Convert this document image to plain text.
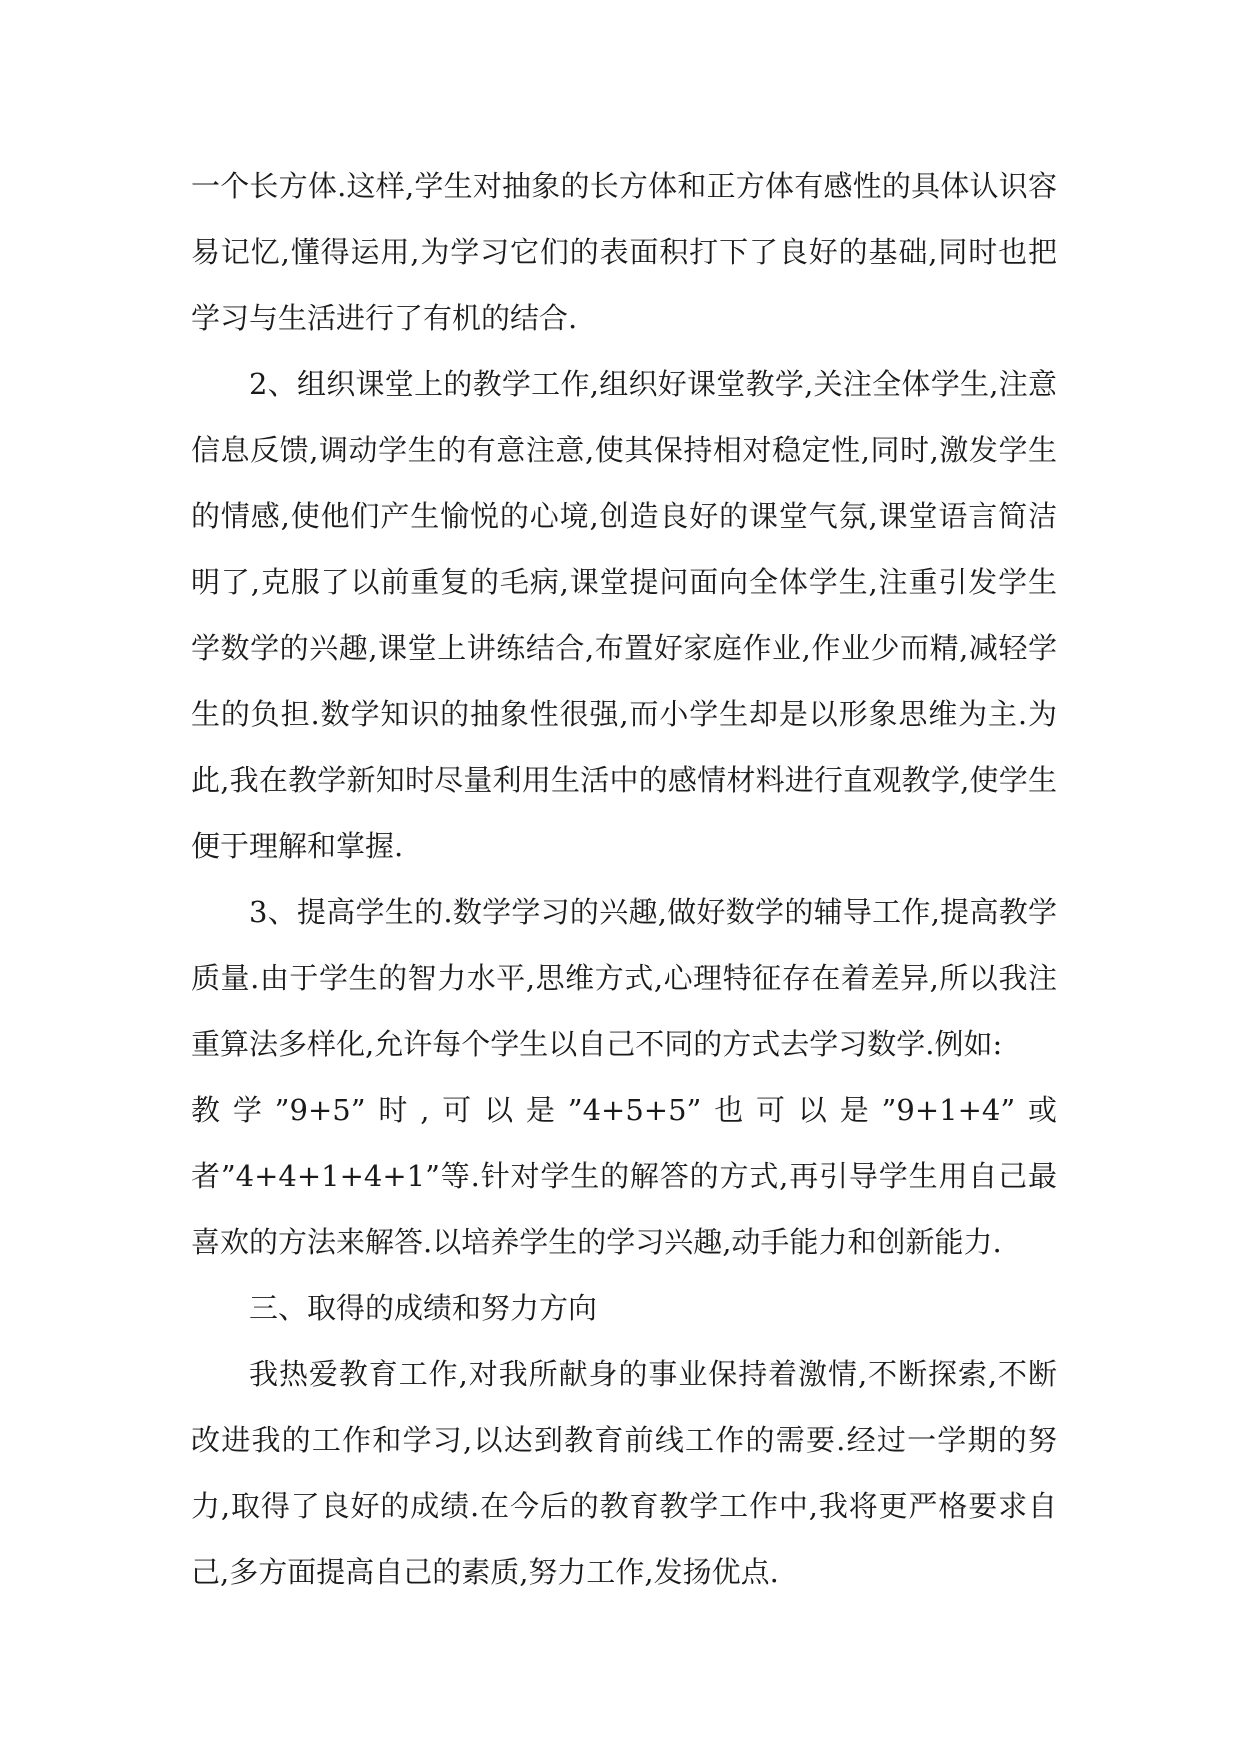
一个长方体.这样,学生对抽象的长方体和正方体有感性的具体认识容易记忆,懂得运用,为学习它们的表面积打下了良好的基础,同时也把学习与生活进行了有机的结合.

2、组织课堂上的教学工作,组织好课堂教学,关注全体学生,注意信息反馈,调动学生的有意注意,使其保持相对稳定性,同时,激发学生的情感,使他们产生愉悦的心境,创造良好的课堂气氛,课堂语言简洁明了,克服了以前重复的毛病,课堂提问面向全体学生,注重引发学生学数学的兴趣,课堂上讲练结合,布置好家庭作业,作业少而精,减轻学生的负担.数学知识的抽象性很强,而小学生却是以形象思维为主.为此,我在教学新知时尽量利用生活中的感情材料进行直观教学,使学生便于理解和掌握.

3、提高学生的.数学学习的兴趣,做好数学的辅导工作,提高教学质量.由于学生的智力水平,思维方式,心理特征存在着差异,所以我注重算法多样化,允许每个学生以自己不同的方式去学习数学.例如:

教学”9+5”时,可以是”4+5+5”也可以是”9+1+4”或

者”4+4+1+4+1”等.针对学生的解答的方式,再引导学生用自己最喜欢的方法来解答.以培养学生的学习兴趣,动手能力和创新能力.

三、取得的成绩和努力方向

我热爱教育工作,对我所献身的事业保持着激情,不断探索,不断改进我的工作和学习,以达到教育前线工作的需要.经过一学期的努力,取得了良好的成绩.在今后的教育教学工作中,我将更严格要求自己,多方面提高自己的素质,努力工作,发扬优点.
